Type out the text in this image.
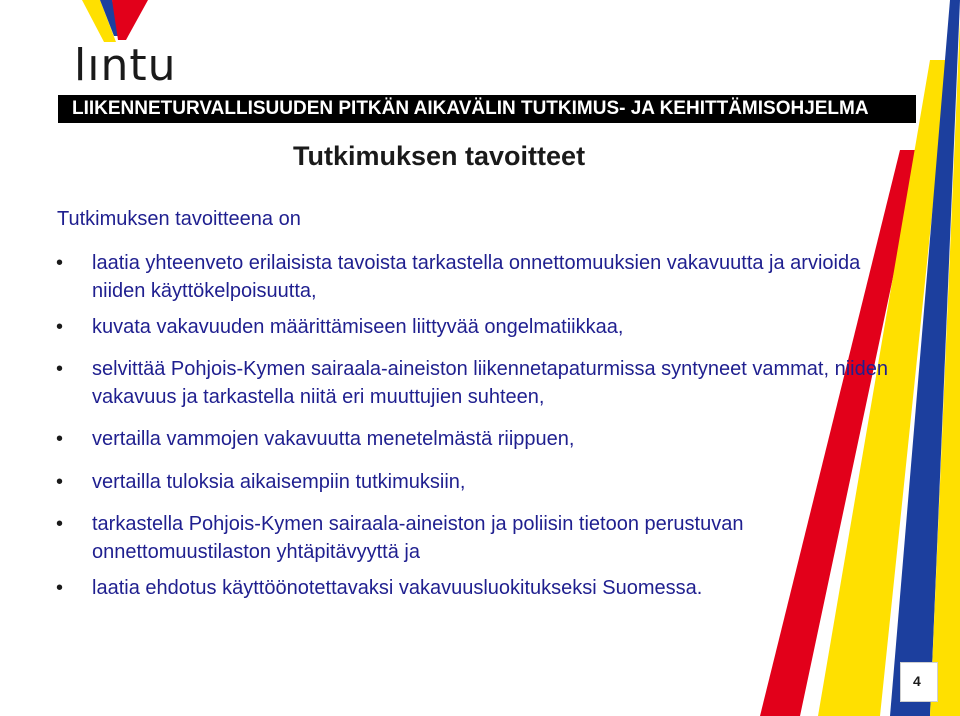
lıntu
LIIKENNETURVALLISUUDEN PITKÄN AIKAVÄLIN TUTKIMUS- JA KEHITTÄMISOHJELMA
Tutkimuksen tavoitteet
Tutkimuksen tavoitteena on
• laatia yhteenveto erilaisista tavoista tarkastella onnettomuuksien vakavuutta ja arvioida niiden käyttökelpoisuutta,
• kuvata vakavuuden määrittämiseen liittyvää ongelmatiikkaa,
• selvittää Pohjois-Kymen sairaala-aineiston liikennetapaturmissa syntyneet vammat, niiden vakavuus ja tarkastella niitä eri muuttujien suhteen,
• vertailla vammojen vakavuutta menetelmästä riippuen,
• vertailla tuloksia aikaisempiin tutkimuksiin,
• tarkastella Pohjois-Kymen sairaala-aineiston ja poliisin tietoon perustuvan onnettomuustilaston yhtäpitävyyttä ja
• laatia ehdotus käyttöönotettavaksi vakavuusluokitukseksi Suomessa.
4
